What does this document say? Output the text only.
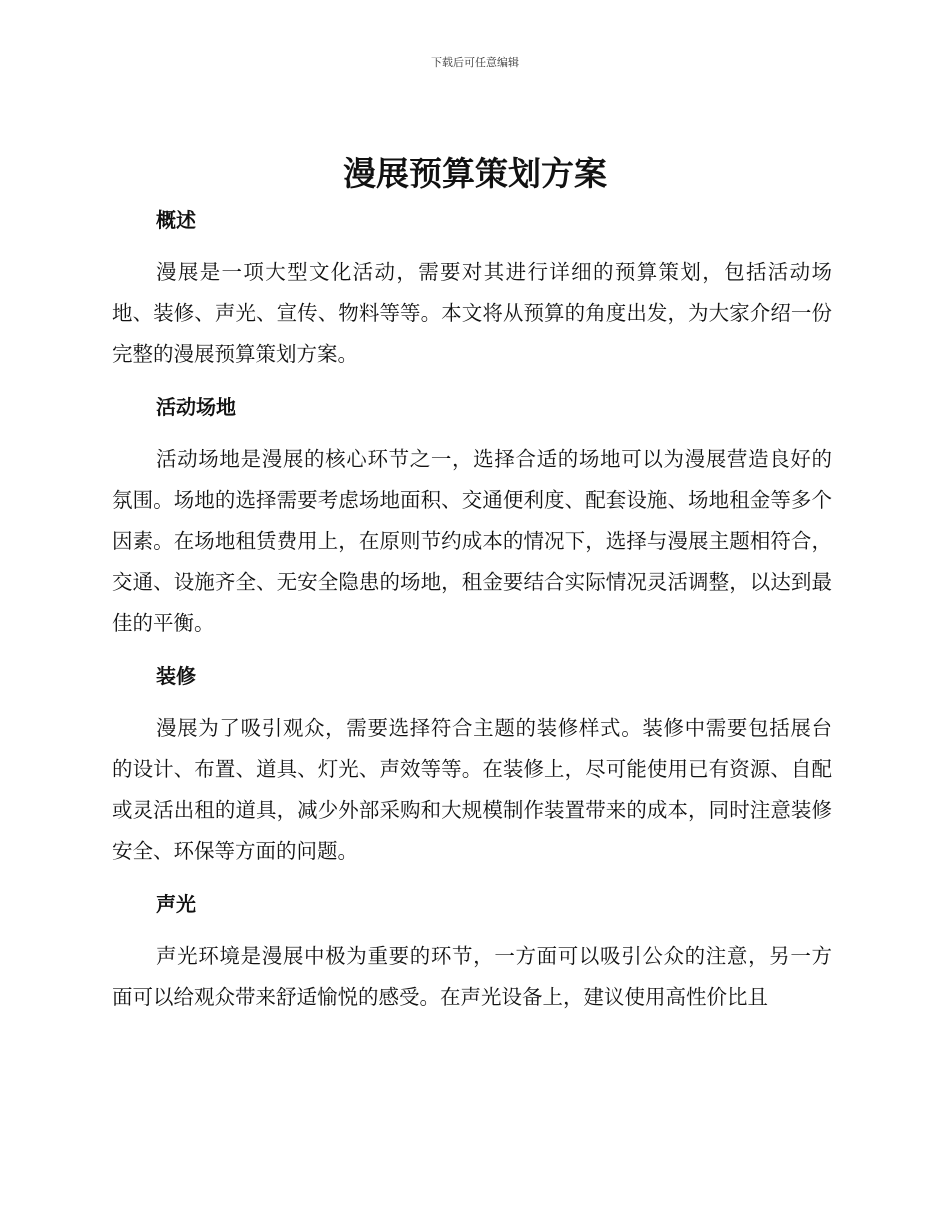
下载后可任意编辑
漫展预算策划方案
概述

漫展是一项大型文化活动，需要对其进行详细的预算策划，包括活动场地、装修、声光、宣传、物料等等。本文将从预算的角度出发，为大家介绍一份完整的漫展预算策划方案。

活动场地

活动场地是漫展的核心环节之一，选择合适的场地可以为漫展营造良好的氛围。场地的选择需要考虑场地面积、交通便利度、配套设施、场地租金等多个因素。在场地租赁费用上，在原则节约成本的情况下，选择与漫展主题相符合，交通、设施齐全、无安全隐患的场地，租金要结合实际情况灵活调整，以达到最佳的平衡。

装修

漫展为了吸引观众，需要选择符合主题的装修样式。装修中需要包括展台的设计、布置、道具、灯光、声效等等。在装修上，尽可能使用已有资源、自配或灵活出租的道具，减少外部采购和大规模制作装置带来的成本，同时注意装修安全、环保等方面的问题。

声光

声光环境是漫展中极为重要的环节，一方面可以吸引公众的注意，另一方面可以给观众带来舒适愉悦的感受。在声光设备上，建议使用高性价比且
